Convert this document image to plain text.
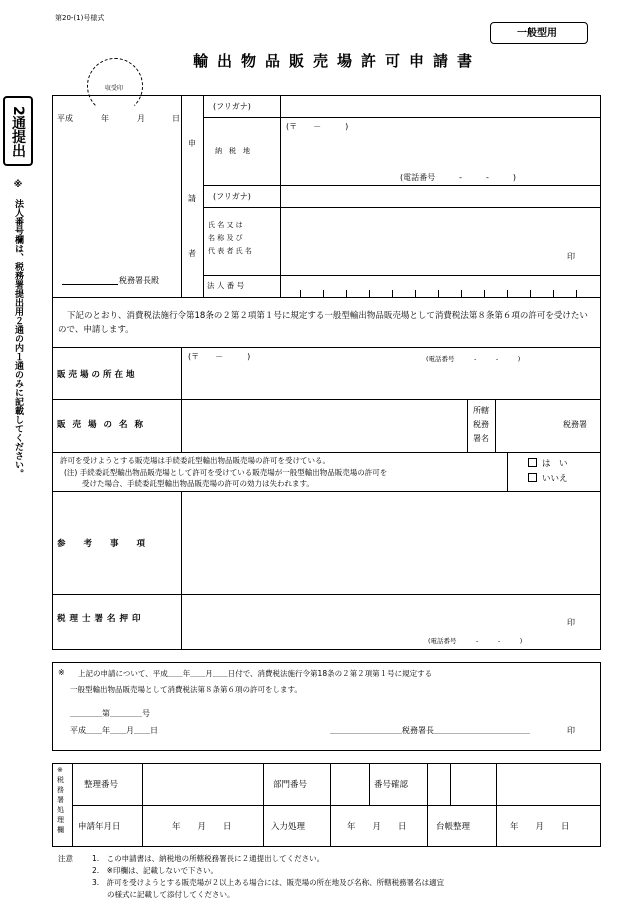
第20-(1)号様式
一般型用
輸出物品販売場許可申請書
収受印
2通提出
※　法人番号欄は、税務署提出用２通の内１通のみに記載してください。
平成	年	月	日
税務署長殿
申
請
者
(フリガナ)
(〒　　－　　　)
納　税　地
(電話番号　　　-　　　-　　　)
(フリガナ)
氏 名 又 は
名 称 及 び
代 表 者 氏 名
印
法 人 番 号
下記のとおり、消費税法施行令第18条の２第２項第１号に規定する一般型輸出物品販売場として消費税法第８条第６項の許可を受けたいので、申請します。
販売場の所在地
(〒　　－　　　)	(電話番号　　　-　　　-　　　)
販売場の名称
所轄
税務
署名
税務署
許可を受けようとする販売場は手続委託型輸出物品販売場の許可を受けている。
(注) 手続委託型輸出物品販売場として許可を受けている販売場が一般型輸出物品販売場の許可を
受けた場合、手続委託型輸出物品販売場の許可の効力は失われます。
は　い
いいえ
参考事項
税理士署名押印	印
(電話番号　　　-　　　-　　　)
※ 上記の申請について、平成＿＿年＿＿月＿＿日付で、消費税法施行令第18条の２第２項第１号に規定する
一般型輸出物品販売場として消費税法第８条第６項の許可をします。
＿＿＿＿第＿＿＿＿号
平成＿＿年＿＿月＿＿日	＿＿＿＿＿＿＿＿＿税務署長＿＿＿＿＿＿＿＿＿＿＿＿	印
※
税
務
署
処
理
欄
整理番号	部門番号	番号確認
申請年月日	年　　月　　日	入力処理	年　　月　　日	台帳整理	年　　月　　日
注意	1.　この申請書は、納税地の所轄税務署長に２通提出してください。
2.　※印欄は、記載しないで下さい。
3.　許可を受けようとする販売場が２以上ある場合には、販売場の所在地及び名称、所轄税務署名は適宜
　　の様式に記載して添付してください。
